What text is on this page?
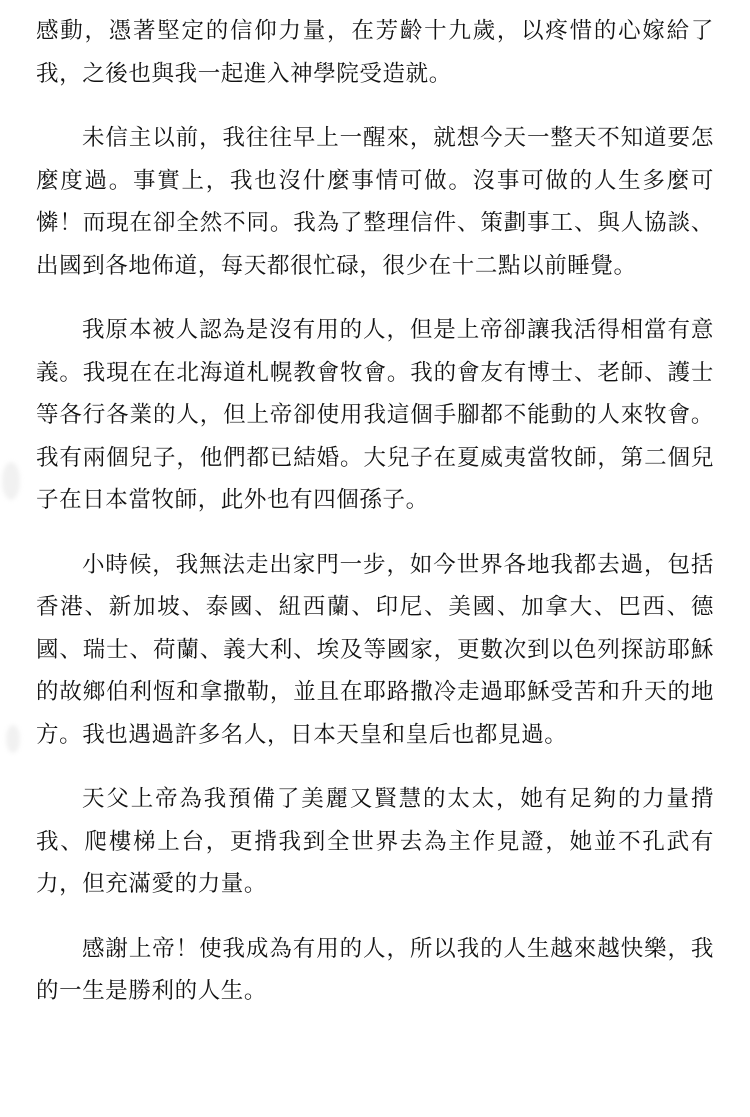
感動，憑著堅定的信仰力量，在芳齡十九歲，以疼惜的心嫁給了我，之後也與我一起進入神學院受造就。

未信主以前，我往往早上一醒來，就想今天一整天不知道要怎麼度過。事實上，我也沒什麼事情可做。沒事可做的人生多麼可憐！而現在卻全然不同。我為了整理信件、策劃事工、與人協談、出國到各地佈道，每天都很忙碌，很少在十二點以前睡覺。

我原本被人認為是沒有用的人，但是上帝卻讓我活得相當有意義。我現在在北海道札幌教會牧會。我的會友有博士、老師、護士等各行各業的人，但上帝卻使用我這個手腳都不能動的人來牧會。我有兩個兒子，他們都已結婚。大兒子在夏威夷當牧師，第二個兒子在日本當牧師，此外也有四個孫子。

小時候，我無法走出家門一步，如今世界各地我都去過，包括香港、新加坡、泰國、紐西蘭、印尼、美國、加拿大、巴西、德國、瑞士、荷蘭、義大利、埃及等國家，更數次到以色列探訪耶穌的故鄉伯利恆和拿撒勒，並且在耶路撒冷走過耶穌受苦和升天的地方。我也遇過許多名人，日本天皇和皇后也都見過。

天父上帝為我預備了美麗又賢慧的太太，她有足夠的力量揹我、爬樓梯上台，更揹我到全世界去為主作見證，她並不孔武有力，但充滿愛的力量。

感謝上帝！使我成為有用的人，所以我的人生越來越快樂，我的一生是勝利的人生。
